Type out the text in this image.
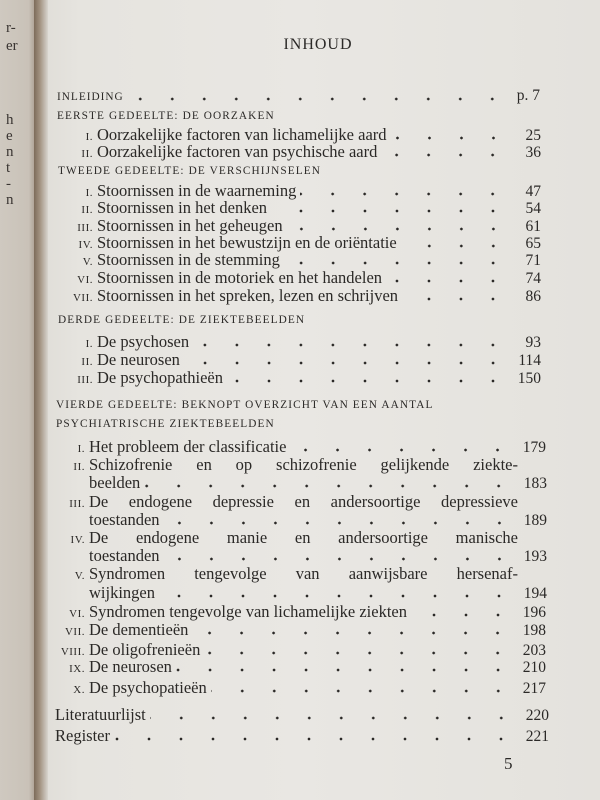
r-
er
h
e
n
t
-
n
INHOUD
INLEIDING	p. 7
EERSTE GEDEELTE: DE OORZAKEN
I. Oorzakelijke factoren van lichamelijke aard	25
II. Oorzakelijke factoren van psychische aard	36
TWEEDE GEDEELTE: DE VERSCHIJNSELEN
I. Stoornissen in de waarneming	47
II. Stoornissen in het denken	54
III. Stoornissen in het geheugen	61
IV. Stoornissen in het bewustzijn en de oriëntatie	65
V. Stoornissen in de stemming	71
VI. Stoornissen in de motoriek en het handelen	74
VII. Stoornissen in het spreken, lezen en schrijven	86
DERDE GEDEELTE: DE ZIEKTEBEELDEN
I. De psychosen	93
II. De neurosen	114
III. De psychopathieën	150
VIERDE GEDEELTE: BEKNOPT OVERZICHT VAN EEN AANTAL
PSYCHIATRISCHE ZIEKTEBEELDEN
I. Het probleem der classificatie	179
II. Schizofrenie en op schizofrenie gelijkende ziekte-
beelden	183
III. De endogene depressie en andersoortige depressieve
toestanden	189
IV. De endogene manie en andersoortige manische
toestanden	193
V. Syndromen tengevolge van aanwijsbare hersenaf-
wijkingen	194
VI. Syndromen tengevolge van lichamelijke ziekten	196
VII. De dementieën	198
VIII. De oligofrenieën	203
IX. De neurosen	210
X. De psychopatieën	217
Literatuurlijst	220
Register	221
5
